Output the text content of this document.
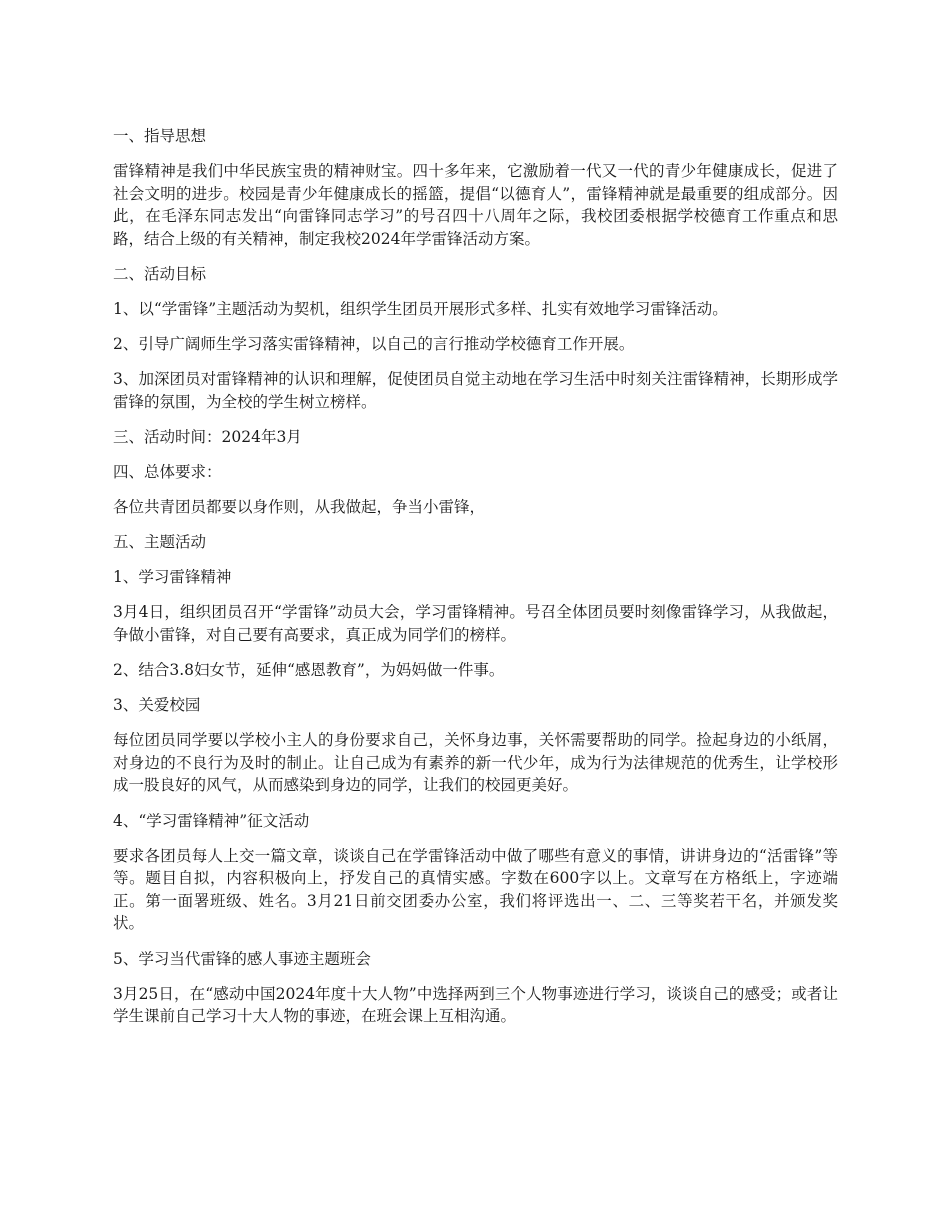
一、指导思想

雷锋精神是我们中华民族宝贵的精神财宝。四十多年来，它激励着一代又一代的青少年健康成长，促进了社会文明的进步。校园是青少年健康成长的摇篮，提倡“以德育人”，雷锋精神就是最重要的组成部分。因此，在毛泽东同志发出“向雷锋同志学习”的号召四十八周年之际，我校团委根据学校德育工作重点和思路，结合上级的有关精神，制定我校2024年学雷锋活动方案。

二、活动目标

1、以“学雷锋”主题活动为契机，组织学生团员开展形式多样、扎实有效地学习雷锋活动。

2、引导广阔师生学习落实雷锋精神，以自己的言行推动学校德育工作开展。

3、加深团员对雷锋精神的认识和理解，促使团员自觉主动地在学习生活中时刻关注雷锋精神，长期形成学雷锋的氛围，为全校的学生树立榜样。

三、活动时间：2024年3月

四、总体要求：

各位共青团员都要以身作则，从我做起，争当小雷锋，

五、主题活动

1、学习雷锋精神

3月4日，组织团员召开“学雷锋”动员大会，学习雷锋精神。号召全体团员要时刻像雷锋学习，从我做起，争做小雷锋，对自己要有高要求，真正成为同学们的榜样。

2、结合3.8妇女节，延伸“感恩教育”，为妈妈做一件事。

3、关爱校园

每位团员同学要以学校小主人的身份要求自己，关怀身边事，关怀需要帮助的同学。捡起身边的小纸屑，对身边的不良行为及时的制止。让自己成为有素养的新一代少年，成为行为法律规范的优秀生，让学校形成一股良好的风气，从而感染到身边的同学，让我们的校园更美好。

4、“学习雷锋精神”征文活动

要求各团员每人上交一篇文章，谈谈自己在学雷锋活动中做了哪些有意义的事情，讲讲身边的“活雷锋”等等。题目自拟，内容积极向上，抒发自己的真情实感。字数在600字以上。文章写在方格纸上，字迹端正。第一面署班级、姓名。3月21日前交团委办公室，我们将评选出一、二、三等奖若干名，并颁发奖状。

5、学习当代雷锋的感人事迹主题班会

3月25日，在“感动中国2024年度十大人物”中选择两到三个人物事迹进行学习，谈谈自己的感受；或者让学生课前自己学习十大人物的事迹，在班会课上互相沟通。
